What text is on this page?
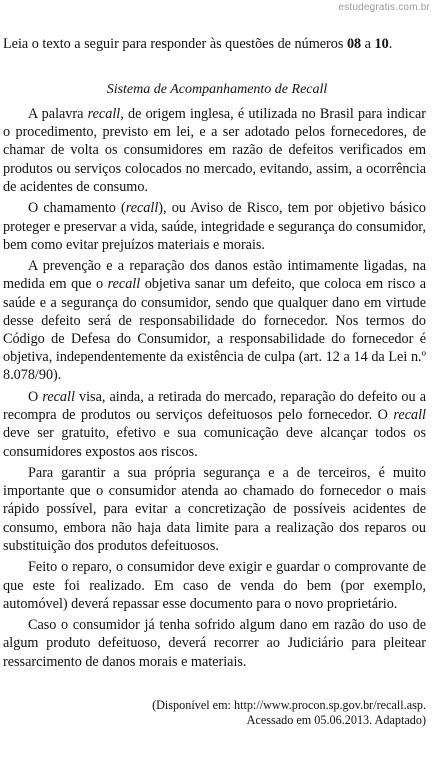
estudegratis.com.br
Leia o texto a seguir para responder às questões de números 08 a 10.
Sistema de Acompanhamento de Recall

A palavra recall, de origem inglesa, é utilizada no Brasil para indicar o procedimento, previsto em lei, e a ser adotado pelos fornecedores, de chamar de volta os consumidores em razão de defeitos verificados em produtos ou serviços colocados no mercado, evitando, assim, a ocorrência de acidentes de consumo.

O chamamento (recall), ou Aviso de Risco, tem por objetivo básico proteger e preservar a vida, saúde, integridade e segurança do consumidor, bem como evitar prejuízos materiais e morais.

A prevenção e a reparação dos danos estão intimamente ligadas, na medida em que o recall objetiva sanar um defeito, que coloca em risco a saúde e a segurança do consumidor, sendo que qualquer dano em virtude desse defeito será de responsabilidade do fornecedor. Nos termos do Código de Defesa do Consumidor, a responsabilidade do fornecedor é objetiva, independentemente da existência de culpa (art. 12 a 14 da Lei n.º 8.078/90).

O recall visa, ainda, a retirada do mercado, reparação do defeito ou a recompra de produtos ou serviços defeituosos pelo fornecedor. O recall deve ser gratuito, efetivo e sua comunicação deve alcançar todos os consumidores expostos aos riscos.

Para garantir a sua própria segurança e a de terceiros, é muito importante que o consumidor atenda ao chamado do fornecedor o mais rápido possível, para evitar a concretização de possíveis acidentes de consumo, embora não haja data limite para a realização dos reparos ou substituição dos produtos defeituosos.

Feito o reparo, o consumidor deve exigir e guardar o comprovante de que este foi realizado. Em caso de venda do bem (por exemplo, automóvel) deverá repassar esse documento para o novo proprietário.

Caso o consumidor já tenha sofrido algum dano em razão do uso de algum produto defeituoso, deverá recorrer ao Judiciário para pleitear ressarcimento de danos morais e materiais.

(Disponível em: http://www.procon.sp.gov.br/recall.asp.
Acessado em 05.06.2013. Adaptado)
